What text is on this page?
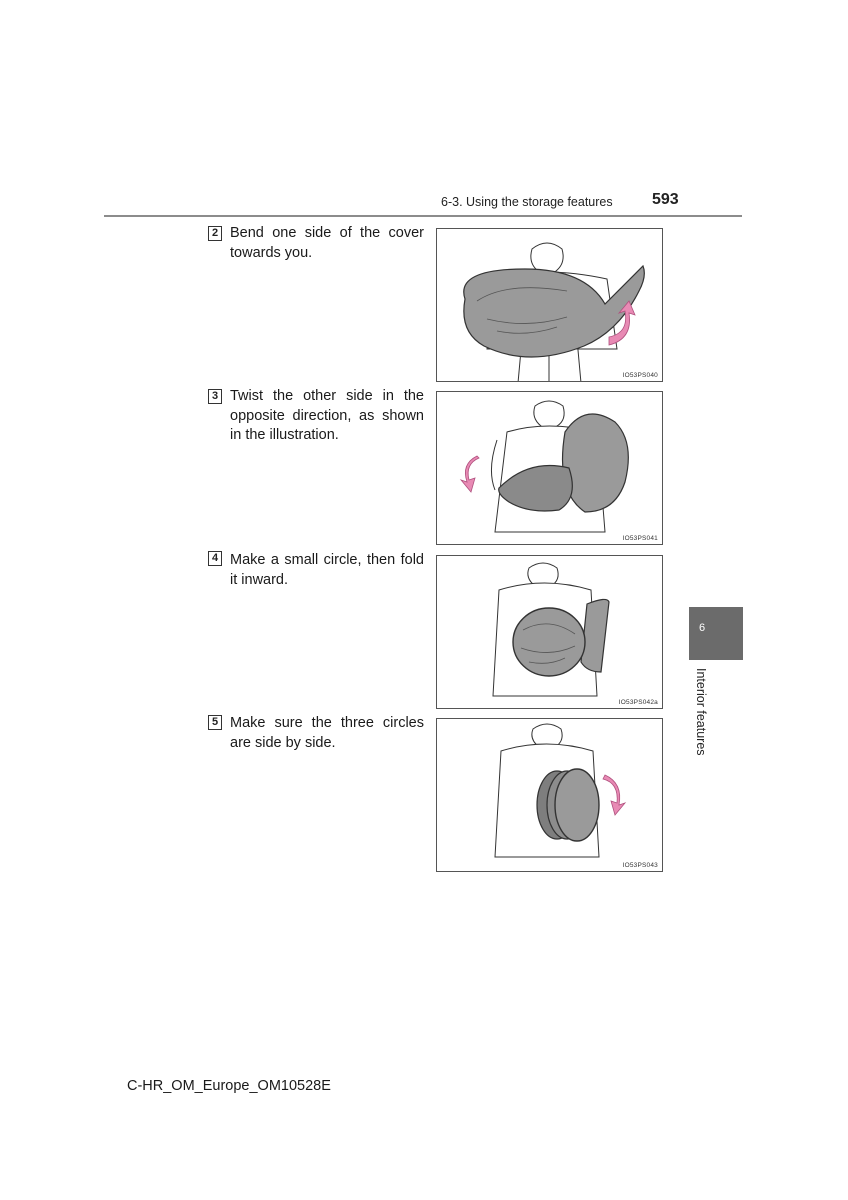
6-3. Using the storage features 593
2 Bend one side of the cover towards you.
IO53PS040
3 Twist the other side in the opposite direction, as shown in the illustration.
IO53PS041
4 Make a small circle, then fold it inward.
IO53PS042a
5 Make sure the three circles are side by side.
IO53PS043
6
Interior features
C-HR_OM_Europe_OM10528E
